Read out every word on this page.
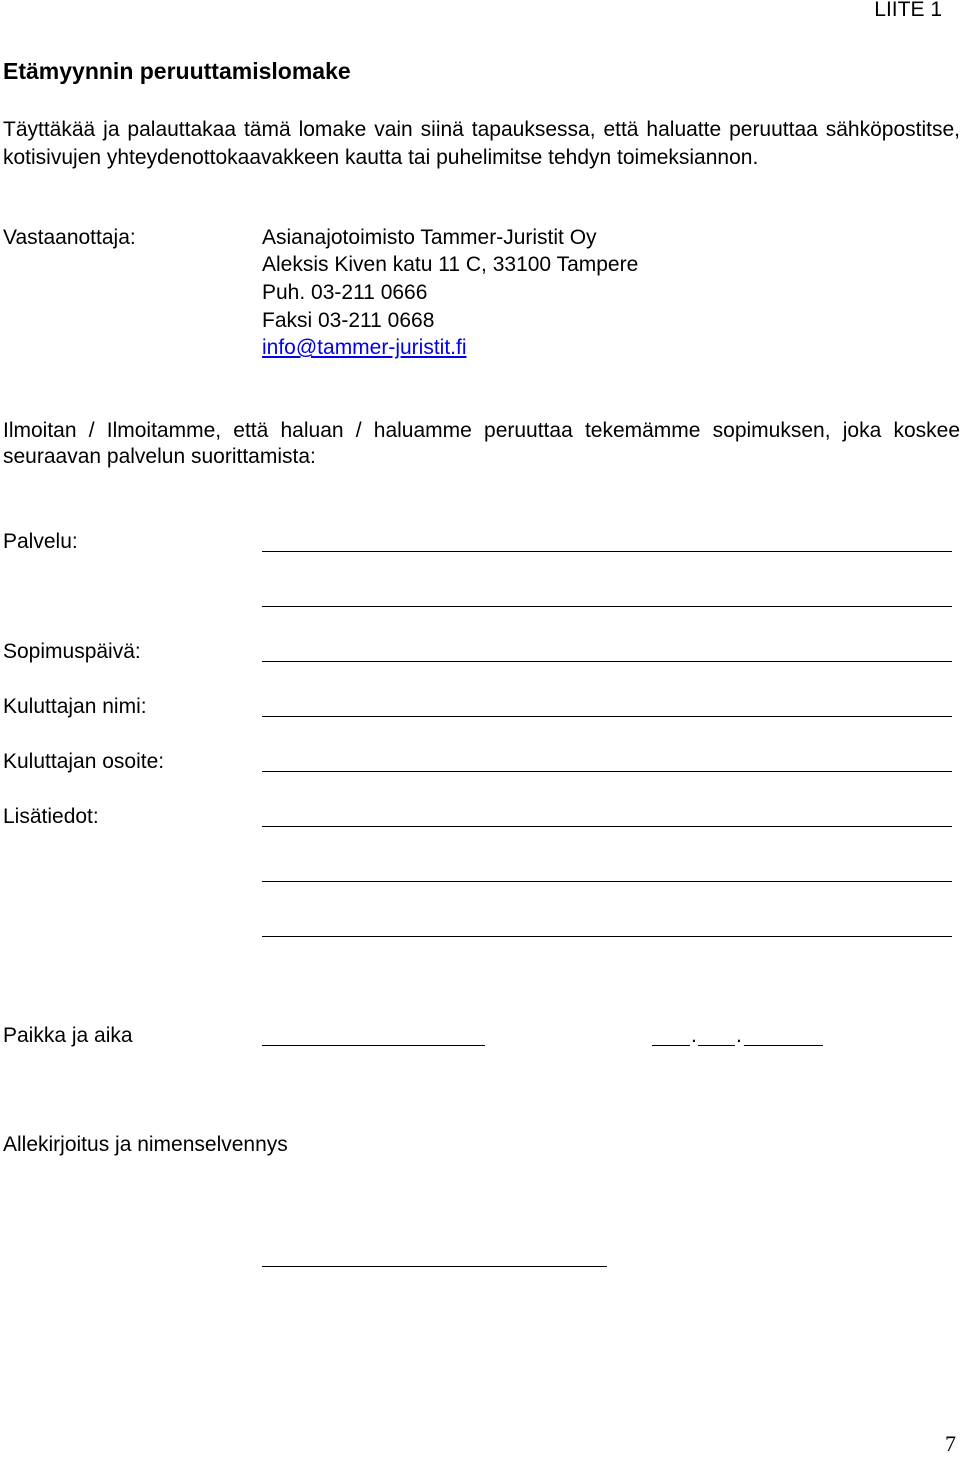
LIITE 1
Etämyynnin peruuttamislomake
Täyttäkää ja palauttakaa tämä lomake vain siinä tapauksessa, että haluatte peruuttaa sähköpostitse, kotisivujen yhteydenottokaavakkeen kautta tai puhelimitse tehdyn toimeksiannon.
Vastaanottaja:	Asianajotoimisto Tammer-Juristit Oy
Aleksis Kiven katu 11 C, 33100 Tampere
Puh. 03-211 0666
Faksi 03-211 0668
info@tammer-juristit.fi
Ilmoitan / Ilmoitamme, että haluan / haluamme peruuttaa tekemämme sopimuksen, joka koskee seuraavan palvelun suorittamista:
Palvelu:
Sopimuspäivä:
Kuluttajan nimi:
Kuluttajan osoite:
Lisätiedot:
Paikka ja aika	. .
Allekirjoitus ja nimenselvennys
7
